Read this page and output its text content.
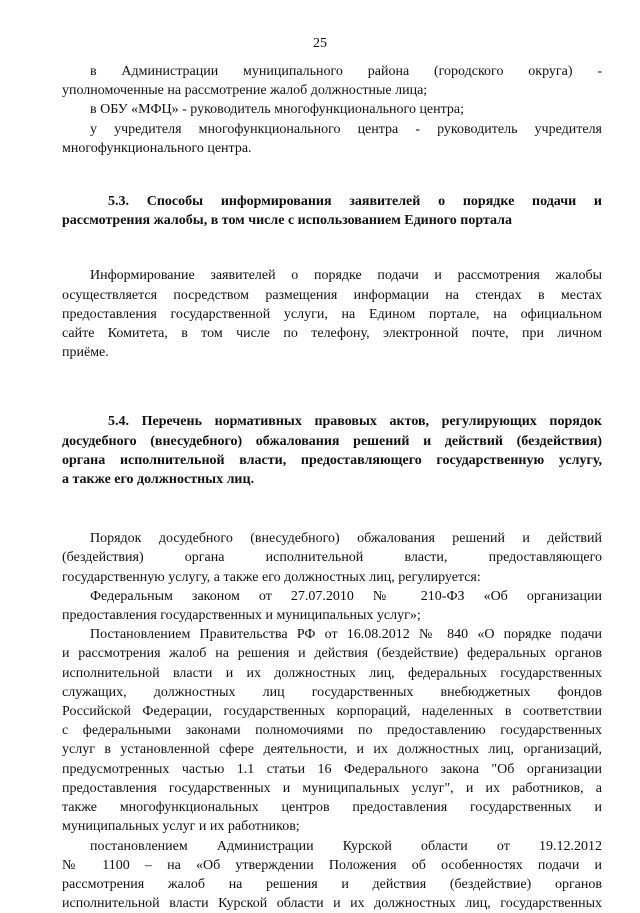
25

в Администрации муниципального района (городского округа) -

уполномоченные на рассмотрение жалоб должностные лица;

в ОБУ «МФЦ» - руководитель многофункционального центра;

у учредителя многофункционального центра - руководитель учредителя

многофункционального центра.

5.3. Способы информирования заявителей о порядке подачи и

рассмотрения жалобы, в том числе с использованием Единого портала

Информирование заявителей о порядке подачи и рассмотрения жалобы

осуществляется посредством размещения информации на стендах в местах

предоставления государственной услуги, на Едином портале, на официальном

сайте Комитета, в том числе по телефону, электронной почте, при личном

приёме.

5.4. Перечень нормативных правовых актов, регулирующих порядок

досудебного (внесудебного) обжалования решений и действий (бездействия)

органа исполнительной власти, предоставляющего государственную услугу,

а также его должностных лиц.

Порядок досудебного (внесудебного) обжалования решений и действий

(бездействия) органа исполнительной власти, предоставляющего

государственную услугу, а также его должностных лиц, регулируется:

Федеральным законом от 27.07.2010 № 210-ФЗ «Об организации

предоставления государственных и муниципальных услуг»;

Постановлением Правительства РФ от 16.08.2012 № 840 «О порядке подачи

и рассмотрения жалоб на решения и действия (бездействие) федеральных органов

исполнительной власти и их должностных лиц, федеральных государственных

служащих, должностных лиц государственных внебюджетных фондов

Российской Федерации, государственных корпораций, наделенных в соответствии

с федеральными законами полномочиями по предоставлению государственных

услуг в установленной сфере деятельности, и их должностных лиц, организаций,

предусмотренных частью 1.1 статьи 16 Федерального закона "Об организации

предоставления государственных и муниципальных услуг", и их работников, а

также многофункциональных центров предоставления государственных и

муниципальных услуг и их работников;

постановлением Администрации Курской области от 19.12.2012

№ 1100 – на «Об утверждении Положения об особенностях подачи и

рассмотрения жалоб на решения и действия (бездействие) органов

исполнительной власти Курской области и их должностных лиц, государственных
